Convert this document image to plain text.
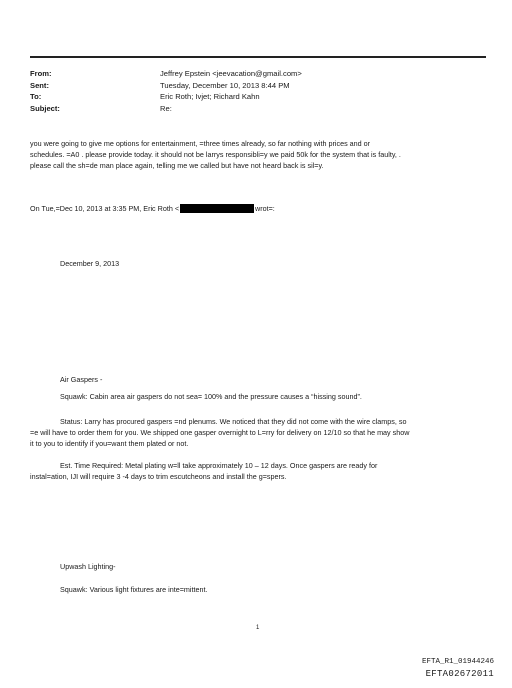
From:	Jeffrey Epstein <jeevacation@gmail.com>
Sent:	Tuesday, December 10, 2013 8:44 PM
To:	Eric Roth; Ivjet; Richard Kahn
Subject:	Re:
you were going to give me options for entertainment, =three times already, so far nothing with prices and or
schedules. =A0 . please provide today. it should not be larrys responsibli=y we paid 50k for the system that is faulty, .
please call the sh=de man place again, telling me we called but have not heard back is sil=y.
On Tue,=Dec 10, 2013 at 3:35 PM, Eric Roth <	wrot=:
December 9, 2013
Air Gaspers -
Squawk: Cabin area air gaspers do not sea= 100% and the pressure causes a “hissing sound”.
Status: Larry has procured gaspers =nd plenums. We noticed that they did not come with the wire clamps, so
=e will have to order them for you. We shipped one gasper overnight to L=rry for delivery on 12/10 so that he may show
it to you to identify if you=want them plated or not.
Est. Time Required: Metal plating w=ll take approximately 10 – 12 days. Once gaspers are ready for
instal=ation, IJI will require 3 -4 days to trim escutcheons and install the g=spers.
Upwash Lighting-
Squawk: Various light fixtures are inte=mittent.
1
EFTA_R1_01944246
EFTA02672011
